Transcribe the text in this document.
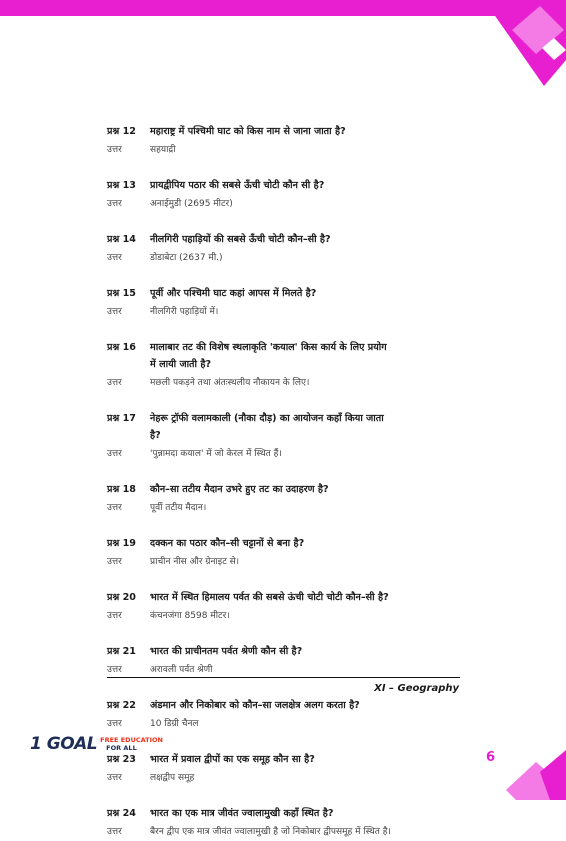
प्रश्न 12	महाराष्ट्र में पश्चिमी घाट को किस नाम से जाना जाता है?
उत्तर	सहयाद्री
प्रश्न 13	प्रायद्वीपिय पठार की सबसे ऊँची चोटी कौन सी है?
उत्तर	अनाईमुडी (2695 मीटर)
प्रश्न 14	नीलगिरी पहाड़ियों की सबसे ऊँची चोटी कौन–सी है?
उत्तर	डोडाबेटा (2637 मी.)
प्रश्न 15	पूर्वी और पश्चिमी घाट कहां आपस में मिलते है?
उत्तर	नीलगिरी पहाड़ियों में।
प्रश्न 16	मालाबार तट की विशेष स्थलाकृति 'कयाल' किस कार्य के लिए प्रयोग
में लायी जाती है?
उत्तर	मछली पकड़ने तथा अंतःस्थलीय नौकायन के लिए।
प्रश्न 17	नेहरू ट्रॉफी वलामकाली (नौका दौड़) का आयोजन कहाँ किया जाता
है?
उत्तर	'पुन्नामदा कयाल' में जो केरल में स्थित हैं।
प्रश्न 18	कौन–सा तटीय मैदान उभरे हुए तट का उदाहरण है?
उत्तर	पूर्वी तटीय मैदान।
प्रश्न 19	दक्कन का पठार कौन–सी चट्टानों से बना है?
उत्तर	प्राचीन नीस और ग्रेनाइट से।
प्रश्न 20	भारत में स्थित हिमालय पर्वत की सबसे ऊंची चोटी चोटी कौन–सी है?
उत्तर	कंचनजंगा 8598 मीटर।
प्रश्न 21	भारत की प्राचीनतम पर्वत श्रेणी कौन सी है?
उत्तर	अरावली पर्वत श्रेणी
प्रश्न 22	अंडमान और निकोबार को कौन–सा जलक्षेत्र अलग करता है?
उत्तर	10 डिग्री चैनल
प्रश्न 23	भारत में प्रवाल द्वीपों का एक समूह कौन सा है?
उत्तर	लक्षद्वीप समूह
प्रश्न 24	भारत का एक मात्र जीवंत ज्वालामुखी कहाँ स्थित है?
उत्तर	बैरन द्वीप एक मात्र जीवंत ज्वालामुखी है जो निकोबार द्वीपसमूह में स्थित है।
XI – Geography
1 GOAL FREE EDUCATION
FOR ALL
6
